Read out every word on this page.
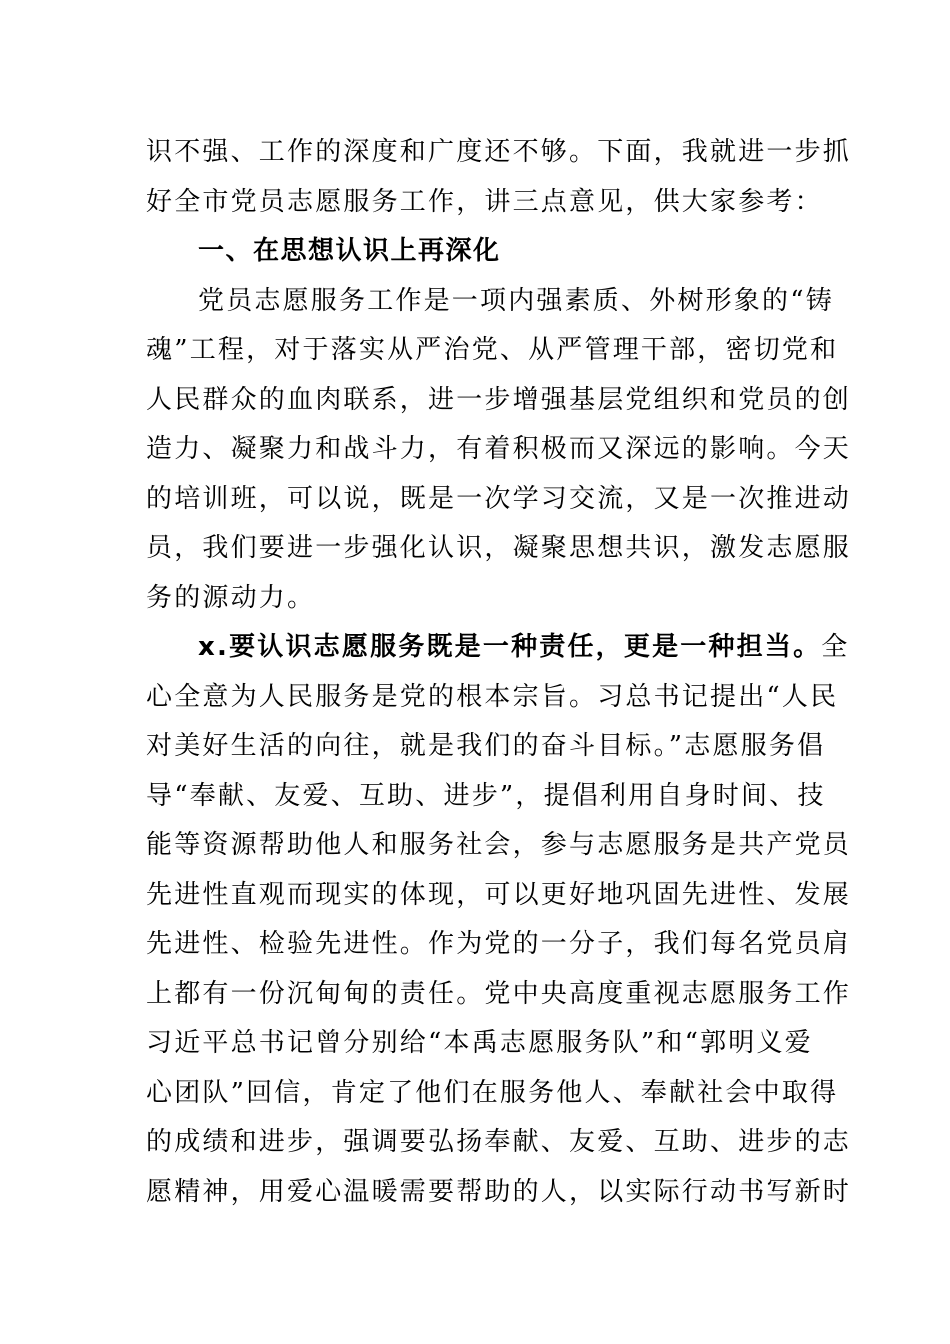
识不强、工作的深度和广度还不够。下面，我就进一步抓
好全市党员志愿服务工作，讲三点意见，供大家参考：
一、在思想认识上再深化
党员志愿服务工作是一项内强素质、外树形象的“铸
魂”工程，对于落实从严治党、从严管理干部，密切党和
人民群众的血肉联系，进一步增强基层党组织和党员的创
造力、凝聚力和战斗力，有着积极而又深远的影响。今天
的培训班，可以说，既是一次学习交流，又是一次推进动
员，我们要进一步强化认识，凝聚思想共识，激发志愿服
务的源动力。
x.要认识志愿服务既是一种责任，更是一种担当。全
心全意为人民服务是党的根本宗旨。习总书记提出“人民
对美好生活的向往，就是我们的奋斗目标。”志愿服务倡
导“奉献、友爱、互助、进步”，提倡利用自身时间、技
能等资源帮助他人和服务社会，参与志愿服务是共产党员
先进性直观而现实的体现，可以更好地巩固先进性、发展
先进性、检验先进性。作为党的一分子，我们每名党员肩
上都有一份沉甸甸的责任。党中央高度重视志愿服务工作
习近平总书记曾分别给“本禹志愿服务队”和“郭明义爱
心团队”回信，肯定了他们在服务他人、奉献社会中取得
的成绩和进步，强调要弘扬奉献、友爱、互助、进步的志
愿精神，用爱心温暖需要帮助的人，以实际行动书写新时
